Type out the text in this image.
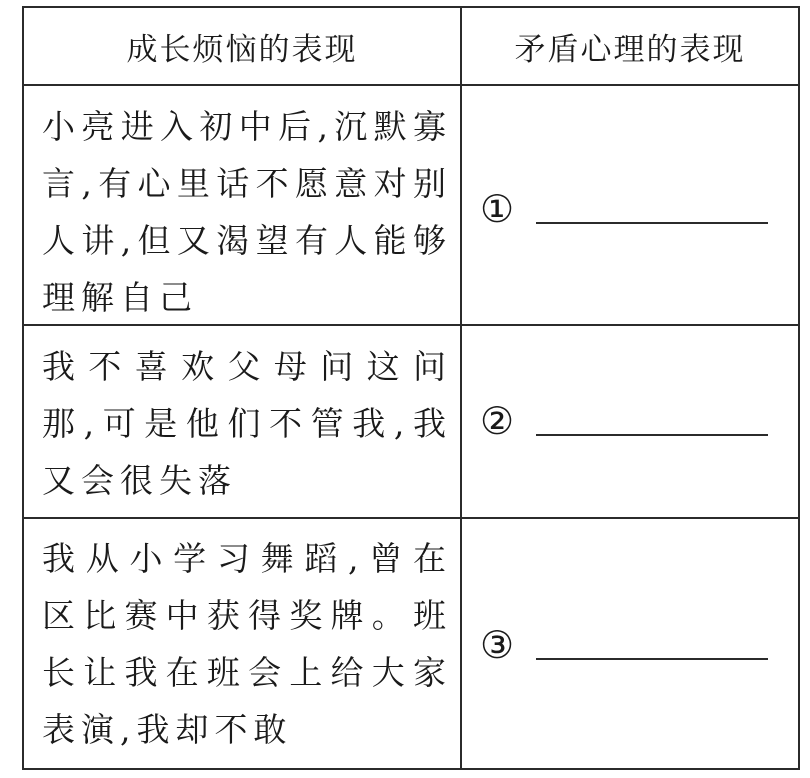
成长烦恼的表现	矛盾心理的表现
小亮进入初中后,沉默寡
言,有心里话不愿意对别
人讲,但又渴望有人能够
理解自己
①
我不喜欢父母问这问
那,可是他们不管我,我
又会很失落
②
我从小学习舞蹈,曾在
区比赛中获得奖牌。班
长让我在班会上给大家
表演,我却不敢
③
